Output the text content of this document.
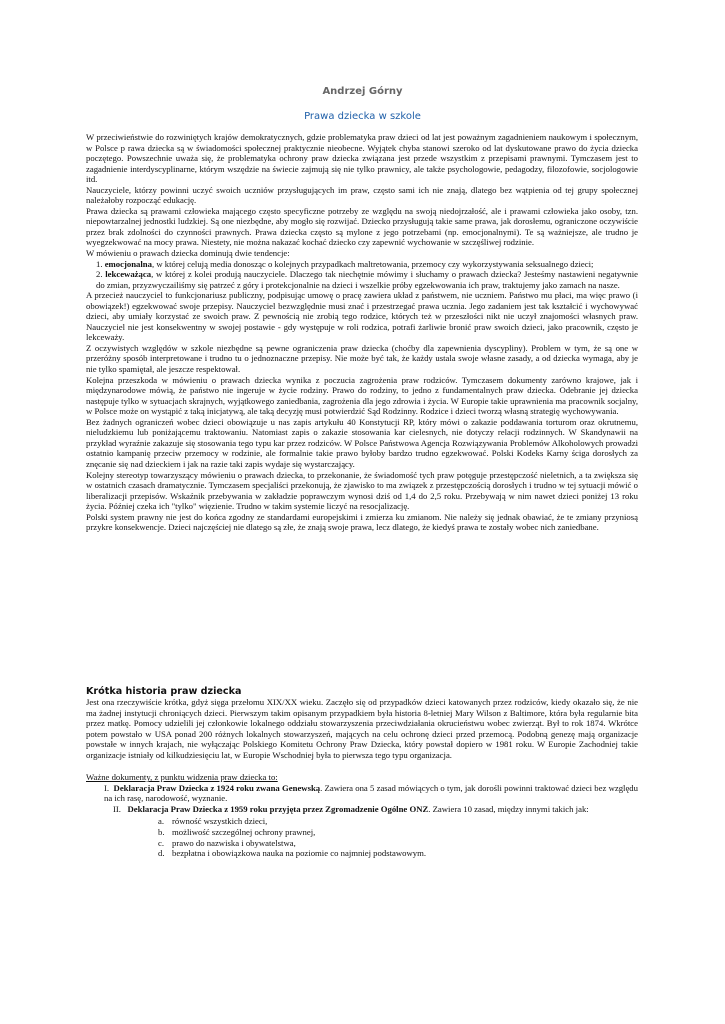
Andrzej Górny
Prawa dziecka w szkole

W przeciwieństwie do rozwiniętych krajów demokratycznych, gdzie problematyka praw dzieci od lat jest poważnym zagadnieniem naukowym i społecznym, w Polsce p rawa dziecka są w świadomości społecznej praktycznie nieobecne. Wyjątek chyba stanowi szeroko od lat dyskutowane prawo do życia dziecka poczętego. Powszechnie uważa się, że problematyka ochrony praw dziecka związana jest przede wszystkim z przepisami prawnymi. Tymczasem jest to zagadnienie interdyscyplinarne, którym wszędzie na świecie zajmują się nie tylko prawnicy, ale także psychologowie, pedagodzy, filozofowie, socjologowie itd.

Nauczyciele, którzy powinni uczyć swoich uczniów przysługujących im praw, często sami ich nie znają, dlatego bez wątpienia od tej grupy społecznej należałoby rozpocząć edukację.

Prawa dziecka są prawami człowieka mającego często specyficzne potrzeby ze względu na swoją niedojrzałość, ale i prawami człowieka jako osoby, tzn. niepowtarzalnej jednostki ludzkiej. Są one niezbędne, aby mogło się rozwijać. Dziecko przysługują takie same prawa, jak dorosłemu, ograniczone oczywiście przez brak zdolności do czynności prawnych. Prawa dziecka często są mylone z jego potrzebami (np. emocjonalnymi). Te są ważniejsze, ale trudno je wyegzekwować na mocy prawa. Niestety, nie można nakazać kochać dziecko czy zapewnić wychowanie w szczęśliwej rodzinie.

W mówieniu o prawach dziecka dominują dwie tendencje:

1. emocjonalna, w której celują media donosząc o kolejnych przypadkach maltretowania, przemocy czy wykorzystywania seksualnego dzieci;

2. lekceważąca, w której z kolei produją nauczyciele. Dlaczego tak niechętnie mówimy i słuchamy o prawach dziecka? Jesteśmy nastawieni negatywnie do zmian, przyzwyczailiśmy się patrzeć z góry i protekcjonalnie na dzieci i wszelkie próby egzekwowania ich praw, traktujemy jako zamach na nasze.

A przecież nauczyciel to funkcjonariusz publiczny, podpisując umowę o pracę zawiera układ z państwem, nie uczniem. Państwo mu płaci, ma więc prawo (i obowiązek!) egzekwować swoje przepisy. Nauczyciel bezwzględnie musi znać i przestrzegać prawa ucznia. Jego zadaniem jest tak kształcić i wychowywać dzieci, aby umiały korzystać ze swoich praw. Z pewnością nie zrobią tego rodzice, których też w przeszłości nikt nie uczył znajomości własnych praw. Nauczyciel nie jest konsekwentny w swojej postawie - gdy występuje w roli rodzica, potrafi żarliwie bronić praw swoich dzieci, jako pracownik, często je lekceważy.

Z oczywistych względów w szkole niezbędne są pewne ograniczenia praw dziecka (choćby dla zapewnienia dyscypliny). Problem w tym, że są one w przeróżny sposób interpretowane i trudno tu o jednoznaczne przepisy. Nie może być tak, że każdy ustala swoje własne zasady, a od dziecka wymaga, aby je nie tylko spamiętał, ale jeszcze respektował.

Kolejna przeszkoda w mówieniu o prawach dziecka wynika z poczucia zagrożenia praw rodziców. Tymczasem dokumenty zarówno krajowe, jak i międzynarodowe mówią, że państwo nie ingeruje w życie rodziny. Prawo do rodziny, to jedno z fundamentalnych praw dziecka. Odebranie jej dziecka następuje tylko w sytuacjach skrajnych, wyjątkowego zaniedbania, zagrożenia dla jego zdrowia i życia. W Europie takie uprawnienia ma pracownik socjalny, w Polsce może on wystąpić z taką inicjatywą, ale taką decyzję musi potwierdzić Sąd Rodzinny. Rodzice i dzieci tworzą własną strategię wychowywania.

Bez żadnych ograniczeń wobec dzieci obowiązuje u nas zapis artykułu 40 Konstytucji RP, który mówi o zakazie poddawania torturom oraz okrutnemu, nieludzkiemu lub poniżającemu traktowaniu. Natomiast zapis o zakazie stosowania kar cielesnych, nie dotyczy relacji rodzinnych. W Skandynawii na przykład wyraźnie zakazuje się stosowania tego typu kar przez rodziców. W Polsce Państwowa Agencja Rozwiązywania Problemów Alkoholowych prowadzi ostatnio kampanię przeciw przemocy w rodzinie, ale formalnie takie prawo byłoby bardzo trudno egzekwować. Polski Kodeks Karny ściga dorosłych za znęcanie się nad dzieckiem i jak na razie taki zapis wydaje się wystarczający.

Kolejny stereotyp towarzyszący mówieniu o prawach dziecka, to przekonanie, że świadomość tych praw potęguje przestępczość nieletnich, a ta zwiększa się w ostatnich czasach dramatycznie. Tymczasem specjaliści przekonują, że zjawisko to ma związek z przestępczością dorosłych i trudno w tej sytuacji mówić o liberalizacji przepisów. Wskaźnik przebywania w zakładzie poprawczym wynosi dziś od 1,4 do 2,5 roku. Przebywają w nim nawet dzieci poniżej 13 roku życia. Później czeka ich "tylko" więzienie. Trudno w takim systemie liczyć na resocjalizację.

Polski system prawny nie jest do końca zgodny ze standardami europejskimi i zmierza ku zmianom. Nie należy się jednak obawiać, że te zmiany przyniosą przykre konsekwencje. Dzieci najczęściej nie dlatego są złe, że znają swoje prawa, lecz dlatego, że kiedyś prawa te zostały wobec nich zaniedbane.

Krótka historia praw dziecka

Jest ona rzeczywiście krótka, gdyż sięga przełomu XIX/XX wieku. Zaczęło się od przypadków dzieci katowanych przez rodziców, kiedy okazało się, że nie ma żadnej instytucji chroniących dzieci. Pierwszym takim opisanym przypadkiem była historia 8-letniej Mary Wilson z Baltimore, która była regularnie bita przez matkę. Pomocy udzielili jej członkowie lokalnego oddziału stowarzyszenia przeciwdziałania okrucieństwu wobec zwierząt. Był to rok 1874. Wkrótce potem powstało w USA ponad 200 różnych lokalnych stowarzyszeń, mających na celu ochronę dzieci przed przemocą. Podobną genezę mają organizacje powstałe w innych krajach, nie wyłączając Polskiego Komitetu Ochrony Praw Dziecka, który powstał dopiero w 1981 roku. W Europie Zachodniej takie organizacje istniały od kilkudziesięciu lat, w Europie Wschodniej była to pierwsza tego typu organizacja.

Ważne dokumenty, z punktu widzenia praw dziecka to:

I. Deklaracja Praw Dziecka z 1924 roku zwana Genewską. Zawiera ona 5 zasad mówiących o tym, jak dorośli powinni traktować dzieci bez względu na ich rasę, narodowość, wyznanie.

II. Deklaracja Praw Dziecka z 1959 roku przyjęta przez Zgromadzenie Ogólne ONZ. Zawiera 10 zasad, między innymi takich jak:

a. równość wszystkich dzieci,
b. możliwość szczególnej ochrony prawnej,
c. prawo do nazwiska i obywatelstwa,
d. bezpłatna i obowiązkowa nauka na poziomie co najmniej podstawowym.
